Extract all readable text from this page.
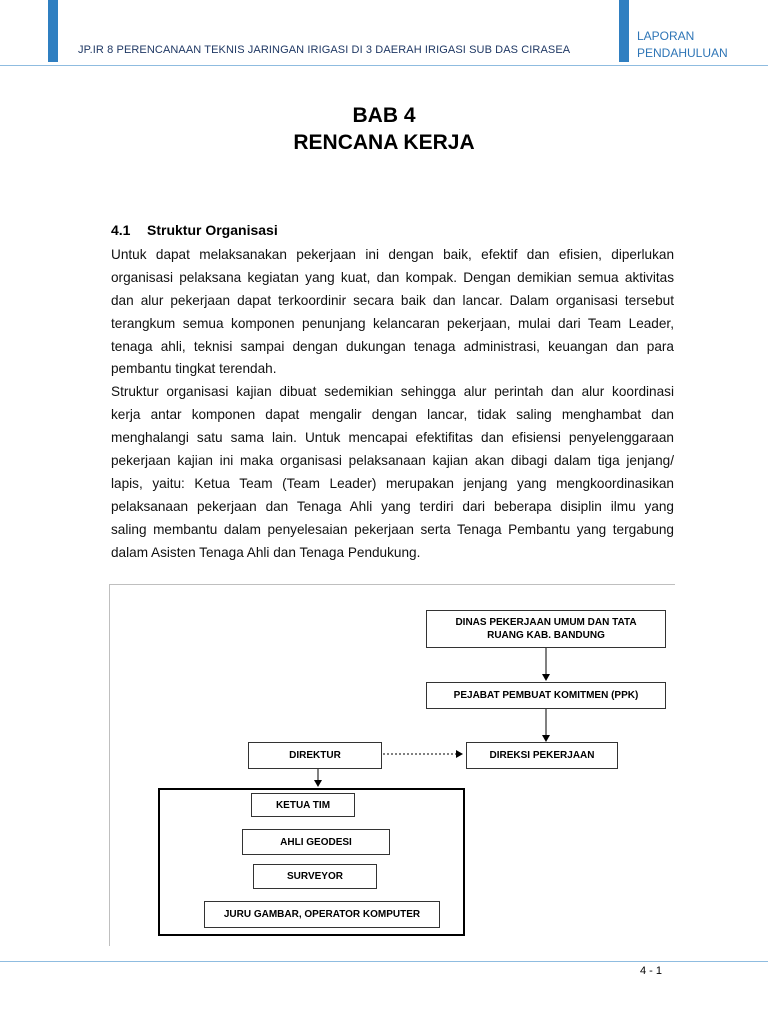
JP.IR 8 PERENCANAAN TEKNIS JARINGAN IRIGASI DI 3 DAERAH IRIGASI SUB DAS CIRASEA
LAPORAN
PENDAHULUAN
BAB 4
RENCANA KERJA
4.1 Struktur Organisasi
Untuk dapat melaksanakan pekerjaan ini dengan baik, efektif dan efisien, diperlukan
organisasi pelaksana kegiatan yang kuat, dan kompak. Dengan demikian semua aktivitas
dan alur pekerjaan dapat terkoordinir secara baik dan lancar. Dalam organisasi tersebut
terangkum semua komponen penunjang kelancaran pekerjaan, mulai dari Team Leader,
tenaga ahli, teknisi sampai dengan dukungan tenaga administrasi, keuangan dan para
pembantu tingkat terendah.
Struktur organisasi kajian dibuat sedemikian sehingga alur perintah dan alur koordinasi
kerja antar komponen dapat mengalir dengan lancar, tidak saling menghambat dan
menghalangi satu sama lain. Untuk mencapai efektifitas dan efisiensi penyelenggaraan
pekerjaan kajian ini maka organisasi pelaksanaan kajian akan dibagi dalam tiga jenjang/
lapis, yaitu: Ketua Team (Team Leader) merupakan jenjang yang mengkoordinasikan
pelaksanaan pekerjaan dan Tenaga Ahli yang terdiri dari beberapa disiplin ilmu yang
saling membantu dalam penyelesaian pekerjaan serta Tenaga Pembantu yang tergabung
dalam Asisten Tenaga Ahli dan Tenaga Pendukung.
DINAS PEKERJAAN UMUM DAN TATA
RUANG KAB. BANDUNG
PEJABAT PEMBUAT KOMITMEN (PPK)
DIREKTUR	DIREKSI PEKERJAAN
KETUA TIM
AHLI GEODESI
SURVEYOR
JURU GAMBAR, OPERATOR KOMPUTER
4 - 1
